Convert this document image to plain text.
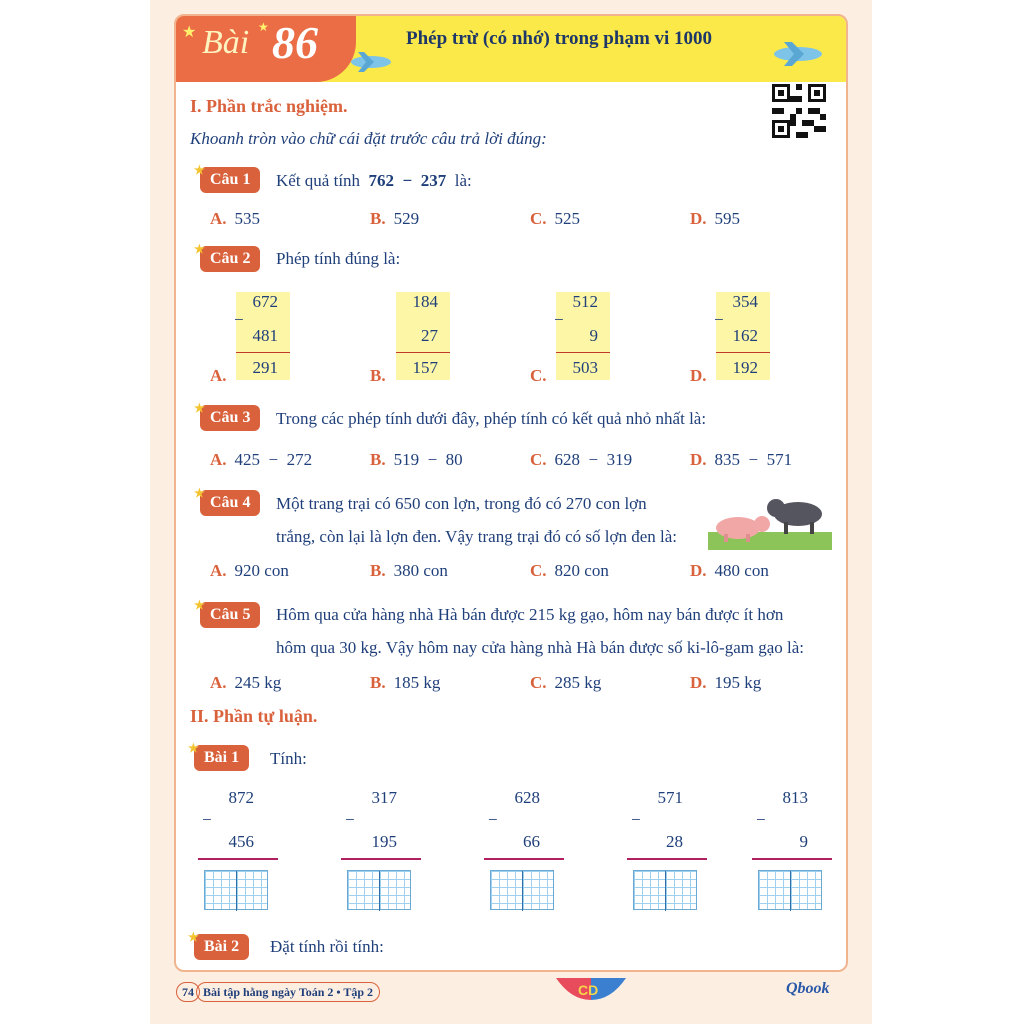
★	★
Bài 86	Phép trừ (có nhớ) trong phạm vi 1000
I. Phần trắc nghiệm.
Khoanh tròn vào chữ cái đặt trước câu trả lời đúng:
★
Câu 1	Kết quả tính 762  −  237 là:
A. 535	B. 529	C. 525	D. 595
★
Câu 2	Phép tính đúng là:
A.
672
−
481
291	B.
184
27
157	C.
512
−
9
503	D.
354
−
162
192
★
Câu 3	Trong các phép tính dưới đây, phép tính có kết quả nhỏ nhất là:
A. 425  −  272	B. 519  −  80	C. 628  −  319	D. 835  −  571
★
Câu 4	Một trang trại có 650 con lợn, trong đó có 270 con lợn
trắng, còn lại là lợn đen. Vậy trang trại đó có số lợn đen là:
A. 920 con	B. 380 con	C. 820 con	D. 480 con
★
Câu 5	Hôm qua cửa hàng nhà Hà bán được 215 kg gạo, hôm nay bán được ít hơn
hôm qua 30 kg. Vậy hôm nay cửa hàng nhà Hà bán được số ki-lô-gam gạo là:
A. 245 kg	B. 185 kg	C. 285 kg	D. 195 kg
II. Phần tự luận.
★
Bài 1	Tính:
872
−
456
317
−
195
628
−
66
571
−
28
813
−
9
★
Bài 2	Đặt tính rồi tính:
74 Bài tập hằng ngày Toán 2 • Tập 2	CD	Qbook
